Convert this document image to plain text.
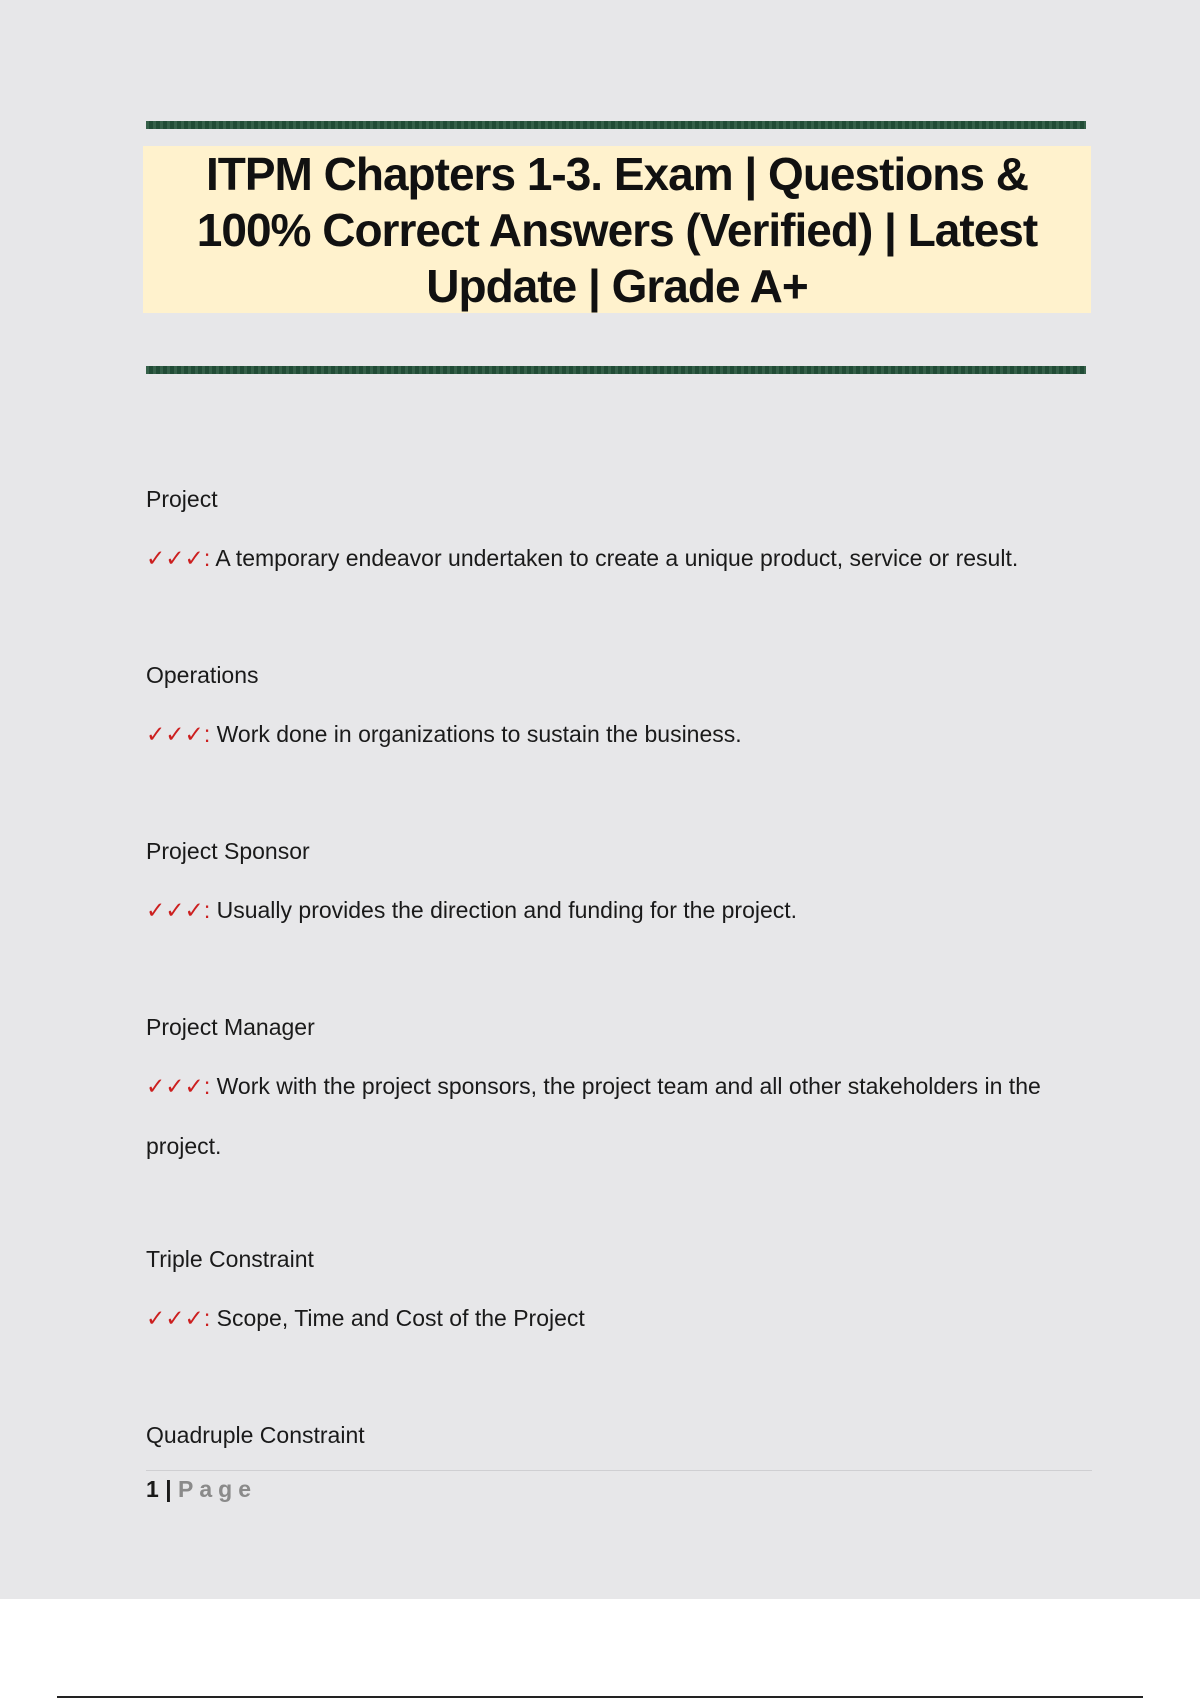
ITPM Chapters 1-3. Exam | Questions & 100% Correct Answers (Verified) | Latest Update | Grade A+
Project
✓✓✓: A temporary endeavor undertaken to create a unique product, service or result.
Operations
✓✓✓: Work done in organizations to sustain the business.
Project Sponsor
✓✓✓: Usually provides the direction and funding for the project.
Project Manager
✓✓✓: Work with the project sponsors, the project team and all other stakeholders in the project.
Triple Constraint
✓✓✓: Scope, Time and Cost of the Project
Quadruple Constraint
1 | Page
